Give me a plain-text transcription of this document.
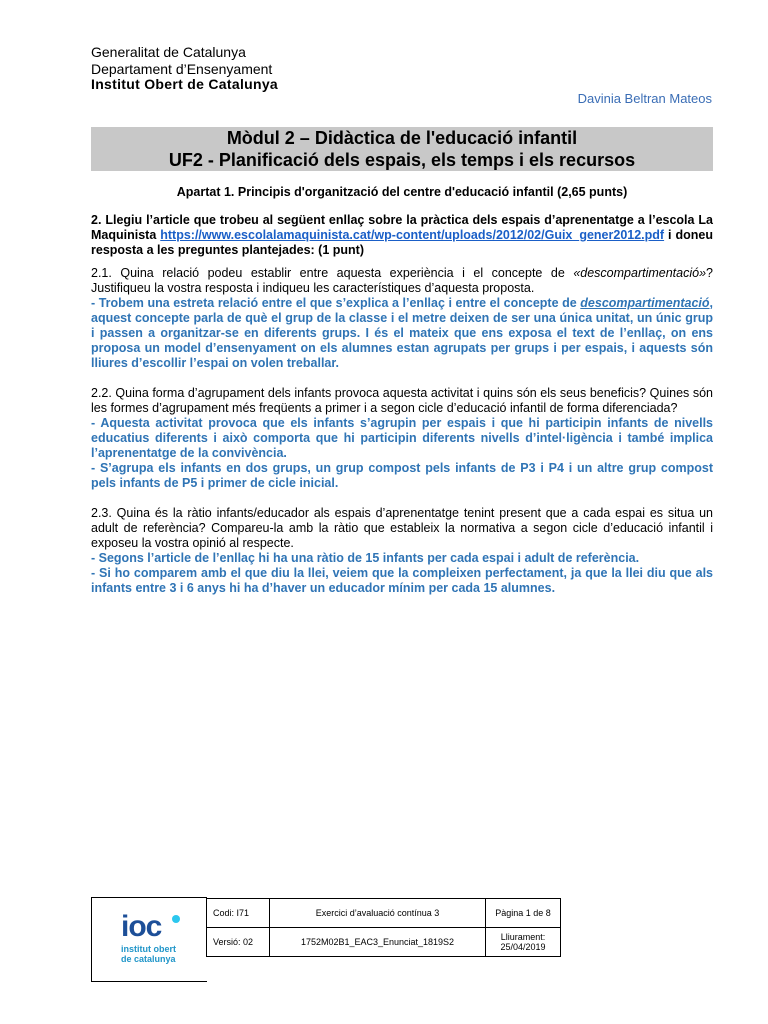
Generalitat de Catalunya
Departament d’Ensenyament
Institut Obert de Catalunya
Davinia Beltran Mateos
Mòdul 2 – Didàctica de l'educació infantil
UF2 - Planificació dels espais, els temps i els recursos
Apartat 1. Principis d'organització del centre d'educació infantil (2,65 punts)

2. Llegiu l’article que trobeu al següent enllaç sobre la pràctica dels espais d’aprenentatge a l’escola La Maquinista https://www.escolalamaquinista.cat/wp-content/uploads/2012/02/Guix_gener2012.pdf i doneu resposta a les preguntes plantejades: (1 punt)

2.1. Quina relació podeu establir entre aquesta experiència i el concepte de «descompartimentació»? Justifiqueu la vostra resposta i indiqueu les característiques d’aquesta proposta.

- Trobem una estreta relació entre el que s’explica a l’enllaç i entre el concepte de descompartimentació, aquest concepte parla de què el grup de la classe i el metre deixen de ser una única unitat, un únic grup i passen a organitzar-se en diferents grups. I és el mateix que ens exposa el text de l’enllaç, on ens proposa un model d’ensenyament on els alumnes estan agrupats per grups i per espais, i aquests són lliures d’escollir l’espai on volen treballar.

2.2. Quina forma d’agrupament dels infants provoca aquesta activitat i quins són els seus beneficis? Quines són les formes d’agrupament més freqüents a primer i a segon cicle d’educació infantil de forma diferenciada?

- Aquesta activitat provoca que els infants s’agrupin per espais i que hi participin infants de nivells educatius diferents i això comporta que hi participin diferents nivells d’intel·ligència i també implica l’aprenentatge de la convivència.

- S’agrupa els infants en dos grups, un grup compost pels infants de P3 i P4 i un altre grup compost pels infants de P5 i primer de cicle inicial.

2.3. Quina és la ràtio infants/educador als espais d’aprenentatge tenint present que a cada espai es situa un adult de referència? Compareu-la amb la ràtio que estableix la normativa a segon cicle d’educació infantil i exposeu la vostra opinió al respecte.

- Segons l’article de l’enllaç hi ha una ràtio de 15 infants per cada espai i adult de referència.

- Si ho comparem amb el que diu la llei, veiem que la compleixen perfectament, ja que la llei diu que als infants entre 3 i 6 anys hi ha d’haver un educador mínim per cada 15 alumnes.

ioc
institut obert
de catalunya
Codi: I71	Exercici d’avaluació contínua 3	Pàgina 1 de 8
Versió: 02	1752M02B1_EAC3_Enunciat_1819S2	Lliurament:
25/04/2019
